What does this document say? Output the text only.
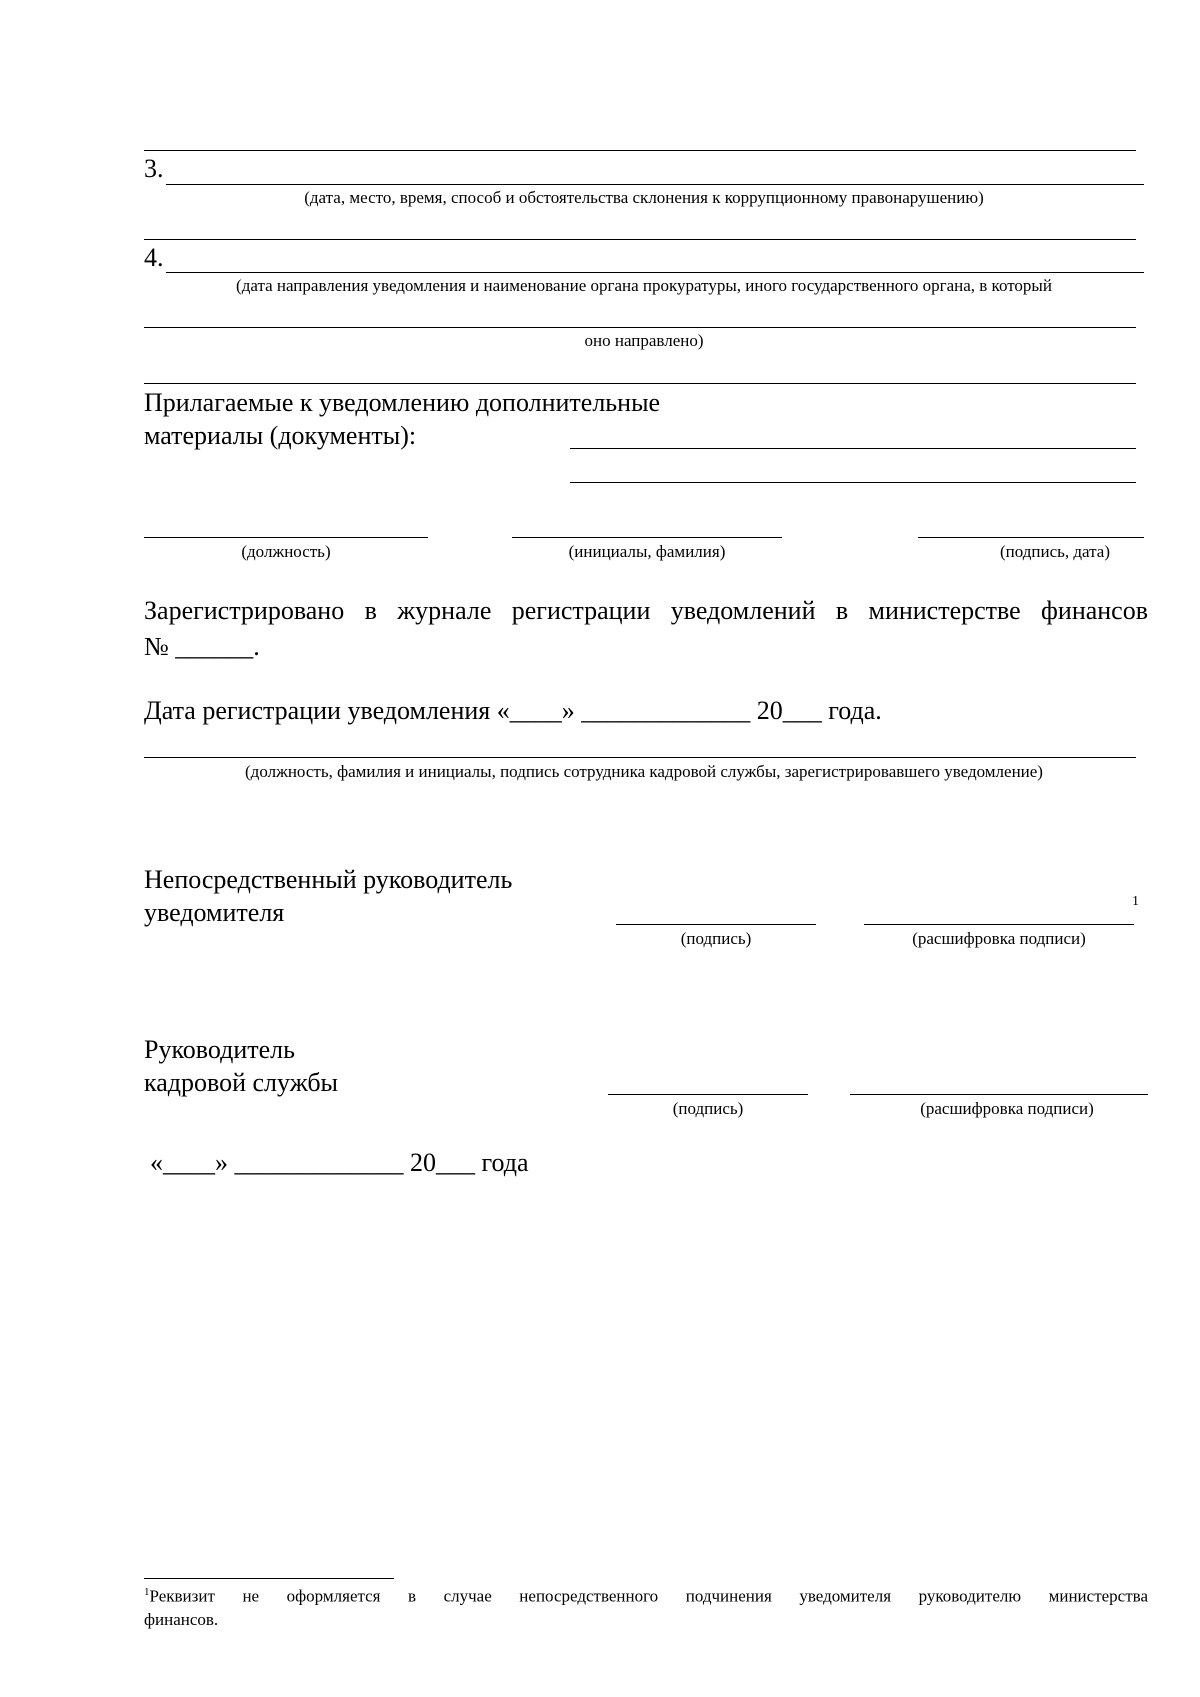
3.
(дата, место, время, способ и обстоятельства склонения к коррупционному правонарушению)
4.
(дата направления уведомления и наименование органа прокуратуры, иного государственного органа, в который
оно направлено)
Прилагаемые к уведомлению дополнительные
материалы (документы):
(должность)	(инициалы, фамилия)	(подпись, дата)
Зарегистрировано в журнале регистрации уведомлений в министерстве финансов
№ ______.
Дата регистрации уведомления «____» _____________ 20___ года.
(должность, фамилия и инициалы, подпись сотрудника кадровой службы, зарегистрировавшего уведомление)
Непосредственный руководитель
уведомителя	1
(подпись)	(расшифровка подписи)
Руководитель
кадровой службы
(подпись)	(расшифровка подписи)
«____» _____________ 20___ года
$^1$Реквизит не оформляется в случае непосредственного подчинения уведомителя руководителю министерства
финансов.
